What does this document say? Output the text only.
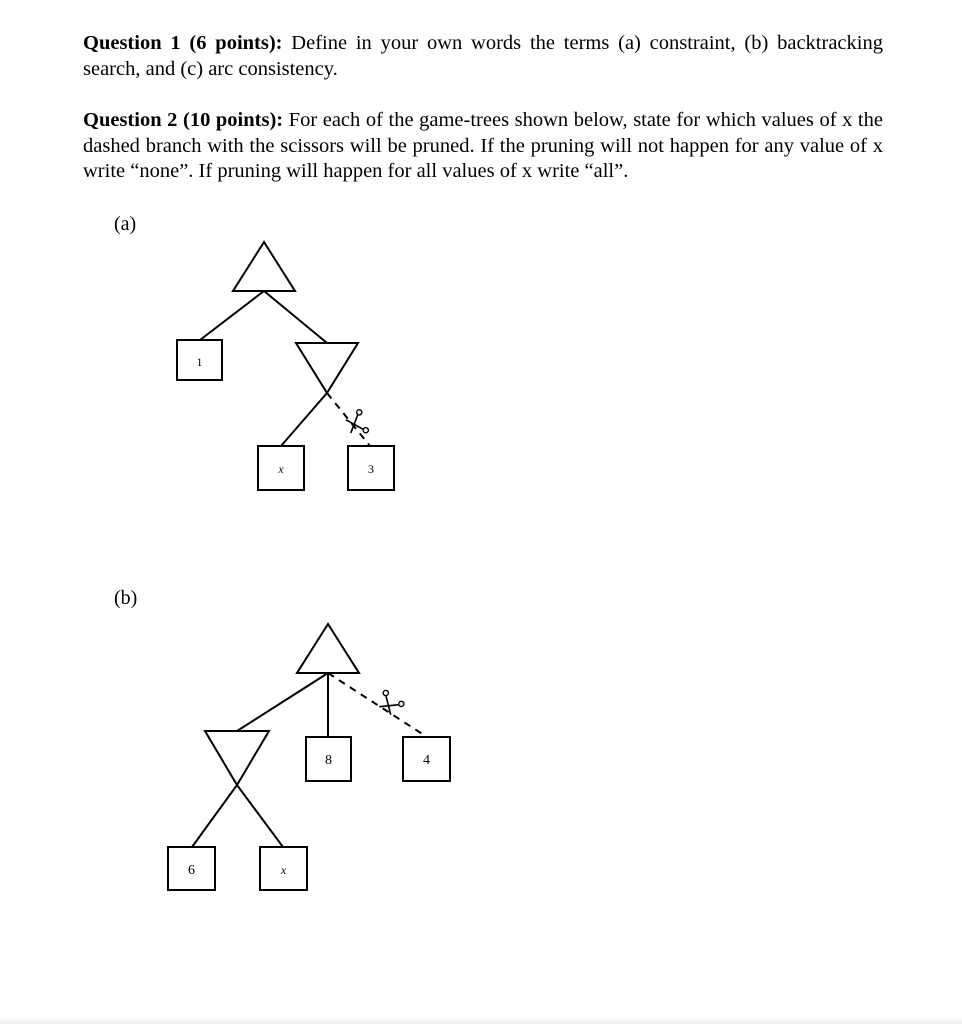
Question 1 (6 points): Define in your own words the terms (a) constraint, (b) backtracking search, and (c) arc consistency.
Question 2 (10 points): For each of the game-trees shown below, state for which values of x the dashed branch with the scissors will be pruned. If the pruning will not happen for any value of x write “none”. If pruning will happen for all values of x write “all”.
(a)
(b)
1
x	3
8	4
6	x
